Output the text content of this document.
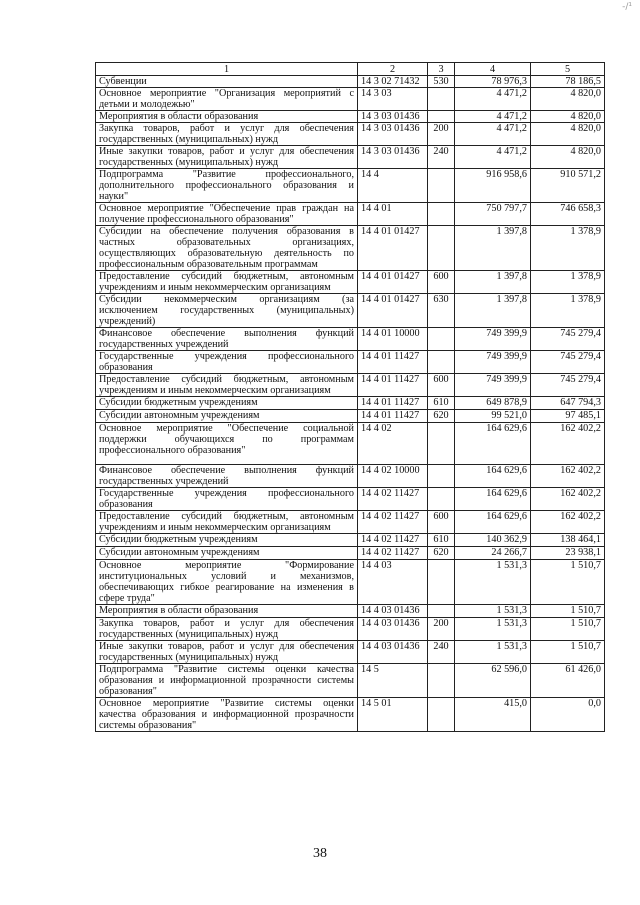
-∕¹
1	2	3	4	5
Субвенции	14 3 02 71432	530	78 976,3	78 186,5
Основное мероприятие "Организация мероприятий с детьми и молодежью"	14 3 03		4 471,2	4 820,0
Мероприятия в области образования	14 3 03 01436		4 471,2	4 820,0
Закупка товаров, работ и услуг для обеспечения государственных (муниципальных) нужд	14 3 03 01436	200	4 471,2	4 820,0
Иные закупки товаров, работ и услуг для обеспечения государственных (муниципальных) нужд	14 3 03 01436	240	4 471,2	4 820,0
Подпрограмма "Развитие профессионального, дополнительного профессионального образования и науки"	14 4		916 958,6	910 571,2
Основное мероприятие "Обеспечение прав граждан на получение профессионального образования"	14 4 01		750 797,7	746 658,3
Субсидии на обеспечение получения образования в частных образовательных организациях, осуществляющих образовательную деятельность по профессиональным образовательным программам	14 4 01 01427		1 397,8	1 378,9
Предоставление субсидий бюджетным, автономным учреждениям и иным некоммерческим организациям	14 4 01 01427	600	1 397,8	1 378,9
Субсидии некоммерческим организациям (за исключением государственных (муниципальных) учреждений)	14 4 01 01427	630	1 397,8	1 378,9
Финансовое обеспечение выполнения функций государственных учреждений	14 4 01 10000		749 399,9	745 279,4
Государственные учреждения профессионального образования	14 4 01 11427		749 399,9	745 279,4
Предоставление субсидий бюджетным, автономным учреждениям и иным некоммерческим организациям	14 4 01 11427	600	749 399,9	745 279,4
Субсидии бюджетным учреждениям	14 4 01 11427	610	649 878,9	647 794,3
Субсидии автономным учреждениям	14 4 01 11427	620	99 521,0	97 485,1
Основное мероприятие "Обеспечение социальной поддержки обучающихся по программам профессионального образования"	14 4 02		164 629,6	162 402,2
Финансовое обеспечение выполнения функций государственных учреждений	14 4 02 10000		164 629,6	162 402,2
Государственные учреждения профессионального образования	14 4 02 11427		164 629,6	162 402,2
Предоставление субсидий бюджетным, автономным учреждениям и иным некоммерческим организациям	14 4 02 11427	600	164 629,6	162 402,2
Субсидии бюджетным учреждениям	14 4 02 11427	610	140 362,9	138 464,1
Субсидии автономным учреждениям	14 4 02 11427	620	24 266,7	23 938,1
Основное мероприятие "Формирование институциональных условий и механизмов, обеспечивающих гибкое реагирование на изменения в сфере труда"	14 4 03		1 531,3	1 510,7
Мероприятия в области образования	14 4 03 01436		1 531,3	1 510,7
Закупка товаров, работ и услуг для обеспечения государственных (муниципальных) нужд	14 4 03 01436	200	1 531,3	1 510,7
Иные закупки товаров, работ и услуг для обеспечения государственных (муниципальных) нужд	14 4 03 01436	240	1 531,3	1 510,7
Подпрограмма "Развитие системы оценки качества образования и информационной прозрачности системы образования"	14 5		62 596,0	61 426,0
Основное мероприятие "Развитие системы оценки качества образования и информационной прозрачности системы образования"	14 5 01		415,0	0,0
38
